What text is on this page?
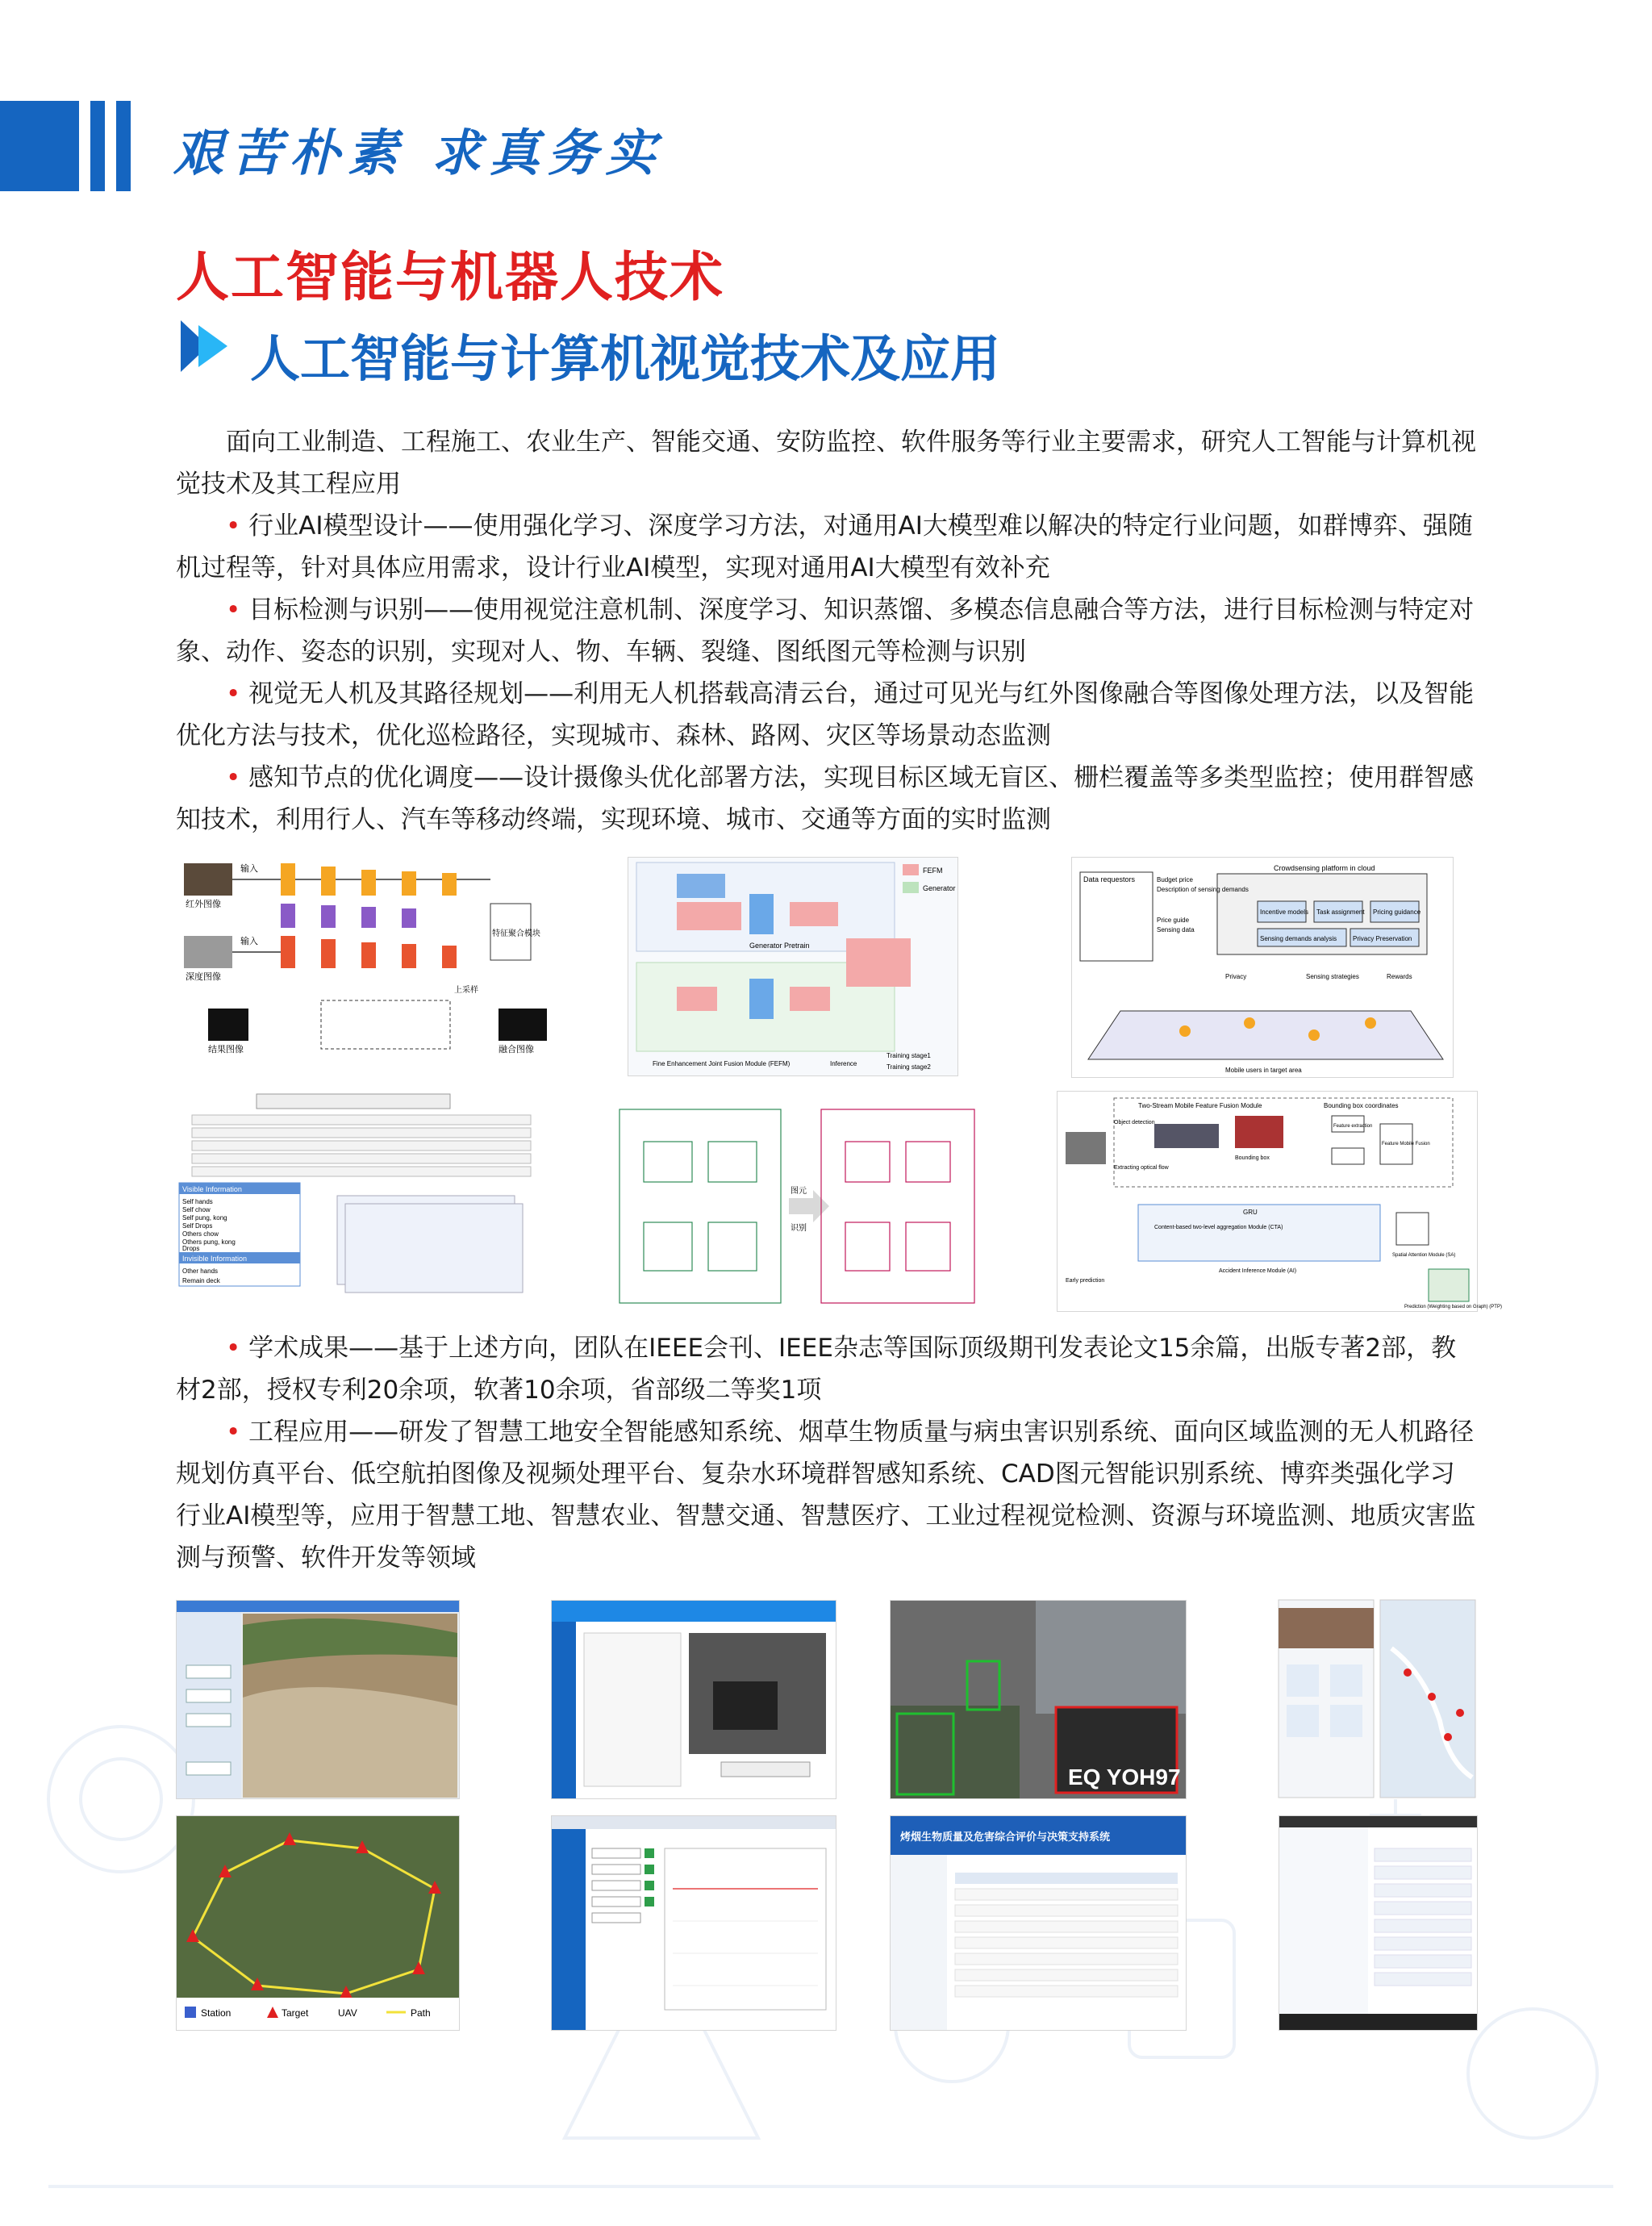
艰苦朴素 求真务实
人工智能与机器人技术
人工智能与计算机视觉技术及应用

面向工业制造、工程施工、农业生产、智能交通、安防监控、软件服务等行业主要需求，研究人工智能与计算机视觉技术及其工程应用

• 行业AI模型设计——使用强化学习、深度学习方法，对通用AI大模型难以解决的特定行业问题，如群博弈、强随机过程等，针对具体应用需求，设计行业AI模型，实现对通用AI大模型有效补充

• 目标检测与识别——使用视觉注意机制、深度学习、知识蒸馏、多模态信息融合等方法，进行目标检测与特定对象、动作、姿态的识别，实现对人、物、车辆、裂缝、图纸图元等检测与识别

• 视觉无人机及其路径规划——利用无人机搭载高清云台，通过可见光与红外图像融合等图像处理方法，以及智能优化方法与技术，优化巡检路径，实现城市、森林、路网、灾区等场景动态监测

• 感知节点的优化调度——设计摄像头优化部署方法，实现目标区域无盲区、栅栏覆盖等多类型监控；使用群智感知技术，利用行人、汽车等移动终端，实现环境、城市、交通等方面的实时监测

输入
输入
红外图像
深度图像
结果图像	融合图像
特征聚合模块
上采样
FEFM
Generator
Generator Pretrain
Fine Enhancement Joint Fusion Module (FEFM)	Inference
Training stage1
Training stage2
Data requestors
Crowdsensing platform in cloud
Budget price
Description of sensing demands
Incentive models Task assignment Pricing guidance
Sensing demands analysis Privacy Preservation
Price guide
Sensing data
Privacy	Sensing strategies	Rewards
Mobile users in target area
Visible Information
Self hands
Self chow
Self pung, kong
Self Drops
Others chow
Others pung, kong
Drops
Invisible Information
Other hands
Remain deck
图元
识别
Two-Stream Mobile Feature Fusion Module	Bounding box coordinates
Feature extraction
Object detection
Extracting optical flow
Bounding box
Feature Mobile Fusion
GRU
Content-based two-level aggregation Module (CTA)
Spatial Attention Module (SA)
Accident Inference Module (AI)
Early prediction
Prediction (Weighting based on Graph) (PTP)

• 学术成果——基于上述方向，团队在IEEE会刊、IEEE杂志等国际顶级期刊发表论文15余篇，出版专著2部，教材2部，授权专利20余项，软著10余项，省部级二等奖1项

• 工程应用——研发了智慧工地安全智能感知系统、烟草生物质量与病虫害识别系统、面向区域监测的无人机路径规划仿真平台、低空航拍图像及视频处理平台、复杂水环境群智感知系统、CAD图元智能识别系统、博弈类强化学习行业AI模型等，应用于智慧工地、智慧农业、智慧交通、智慧医疗、工业过程视觉检测、资源与环境监测、地质灾害监测与预警、软件开发等领域

EQ YOH97
Station	Target	UAV	Path
烤烟生物质量及危害综合评价与决策支持系统
